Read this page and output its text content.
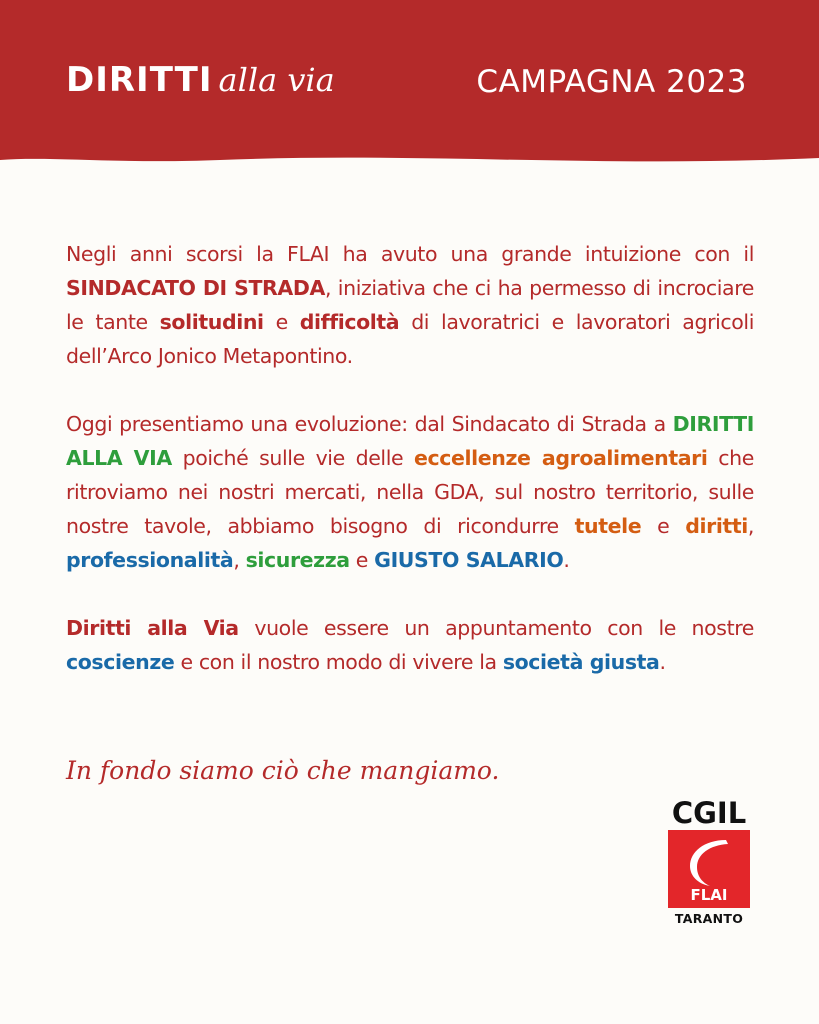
DIRITTI alla via	CAMPAGNA 2023

Negli anni scorsi la FLAI ha avuto una grande intuizione con il SINDACATO DI STRADA, iniziativa che ci ha permesso di incrociare le tante solitudini e difficoltà di lavoratrici e lavoratori agricoli dell’Arco Jonico Metapontino.

Oggi presentiamo una evoluzione: dal Sindacato di Strada a DIRITTI ALLA VIA poiché sulle vie delle eccellenze agroalimentari che ritroviamo nei nostri mercati, nella GDA, sul nostro territorio, sulle nostre tavole, abbiamo bisogno di ricondurre tutele e diritti, professionalità, sicurezza e GIUSTO SALARIO.

Diritti alla Via vuole essere un appuntamento con le nostre coscienze e con il nostro modo di vivere la società giusta.

In fondo siamo ciò che mangiamo.
CGIL
FLAI
TARANTO
